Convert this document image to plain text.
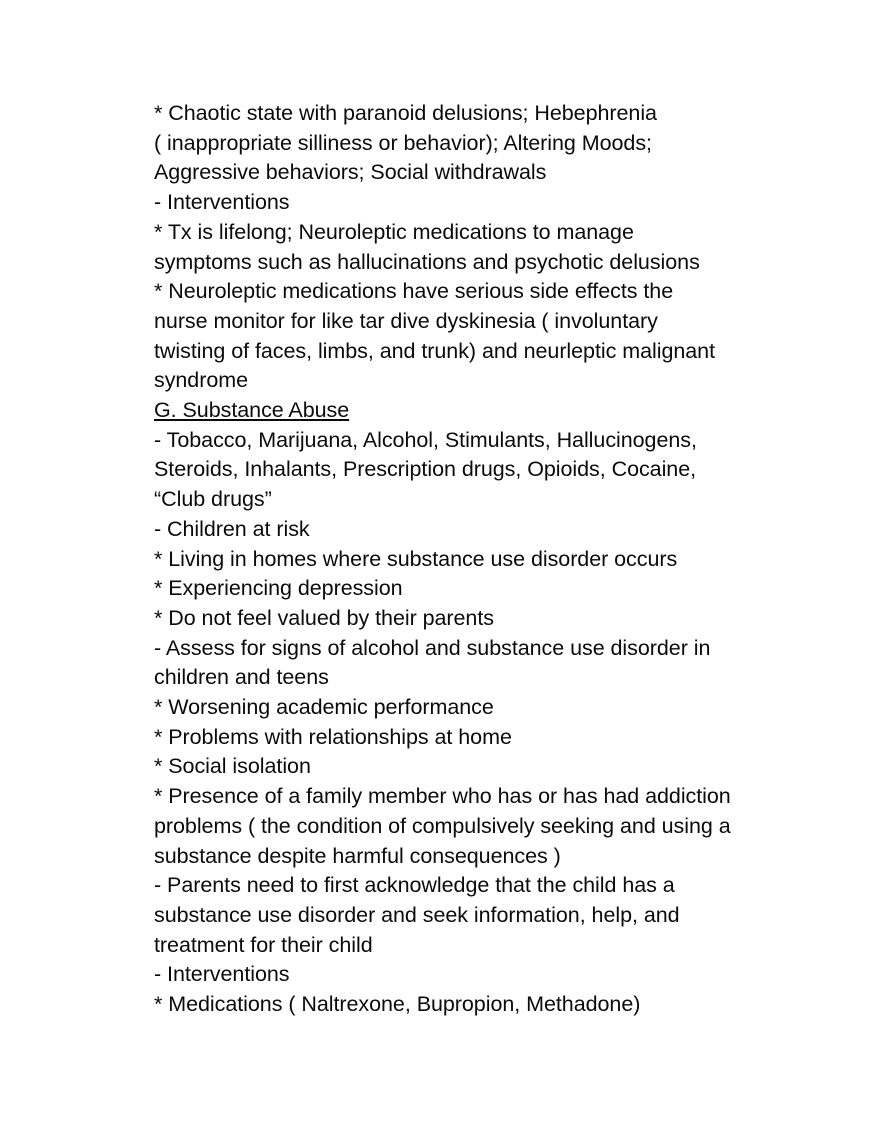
* Chaotic state with paranoid delusions; Hebephrenia
( inappropriate silliness or behavior); Altering Moods;
Aggressive behaviors; Social withdrawals
- Interventions
* Tx is lifelong; Neuroleptic medications to manage
symptoms such as hallucinations and psychotic delusions
* Neuroleptic medications have serious side effects the
nurse monitor for like tar dive dyskinesia ( involuntary
twisting of faces, limbs, and trunk) and neurleptic malignant
syndrome
G. Substance Abuse
- Tobacco, Marijuana, Alcohol, Stimulants, Hallucinogens,
Steroids, Inhalants, Prescription drugs, Opioids, Cocaine,
“Club drugs”
- Children at risk
* Living in homes where substance use disorder occurs
* Experiencing depression
* Do not feel valued by their parents
- Assess for signs of alcohol and substance use disorder in
children and teens
* Worsening academic performance
* Problems with relationships at home
* Social isolation
* Presence of a family member who has or has had addiction
problems ( the condition of compulsively seeking and using a
substance despite harmful consequences )
- Parents need to first acknowledge that the child has a
substance use disorder and seek information, help, and
treatment for their child
- Interventions
* Medications ( Naltrexone, Bupropion, Methadone)
